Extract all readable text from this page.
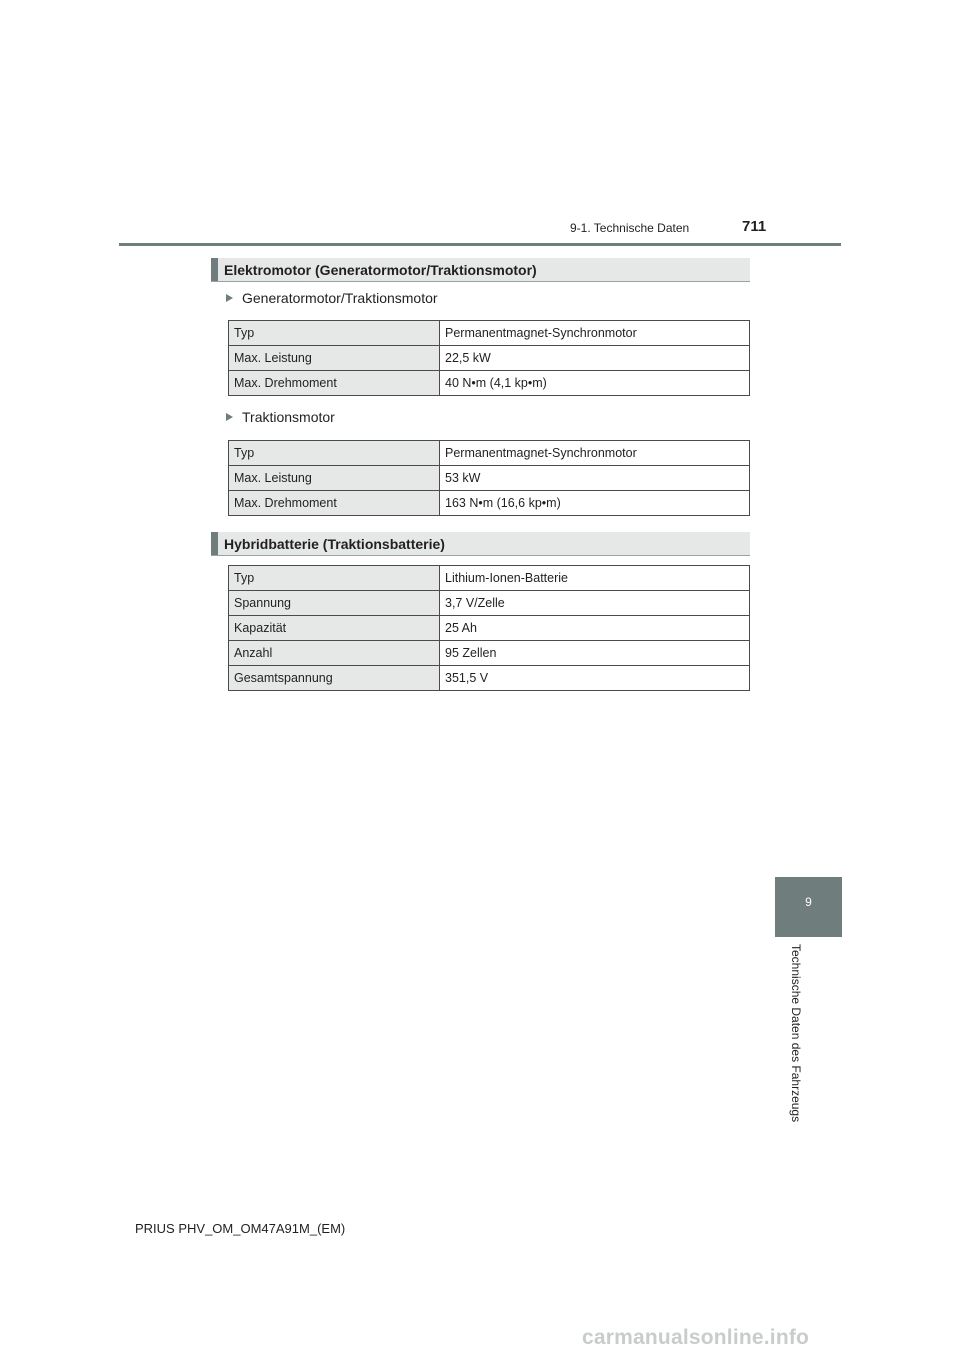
9-1. Technische Daten	711
Elektromotor (Generatormotor/Traktionsmotor)
Generatormotor/Traktionsmotor
Typ	Permanentmagnet-Synchronmotor
Max. Leistung	22,5 kW
Max. Drehmoment	40 N•m (4,1 kp•m)
Traktionsmotor
Typ	Permanentmagnet-Synchronmotor
Max. Leistung	53 kW
Max. Drehmoment	163 N•m (16,6 kp•m)
Hybridbatterie (Traktionsbatterie)
Typ	Lithium-Ionen-Batterie
Spannung	3,7 V/Zelle
Kapazität	25 Ah
Anzahl	95 Zellen
Gesamtspannung	351,5 V
9
Technische Daten des Fahrzeugs
PRIUS PHV_OM_OM47A91M_(EM)
carmanualsonline.info
